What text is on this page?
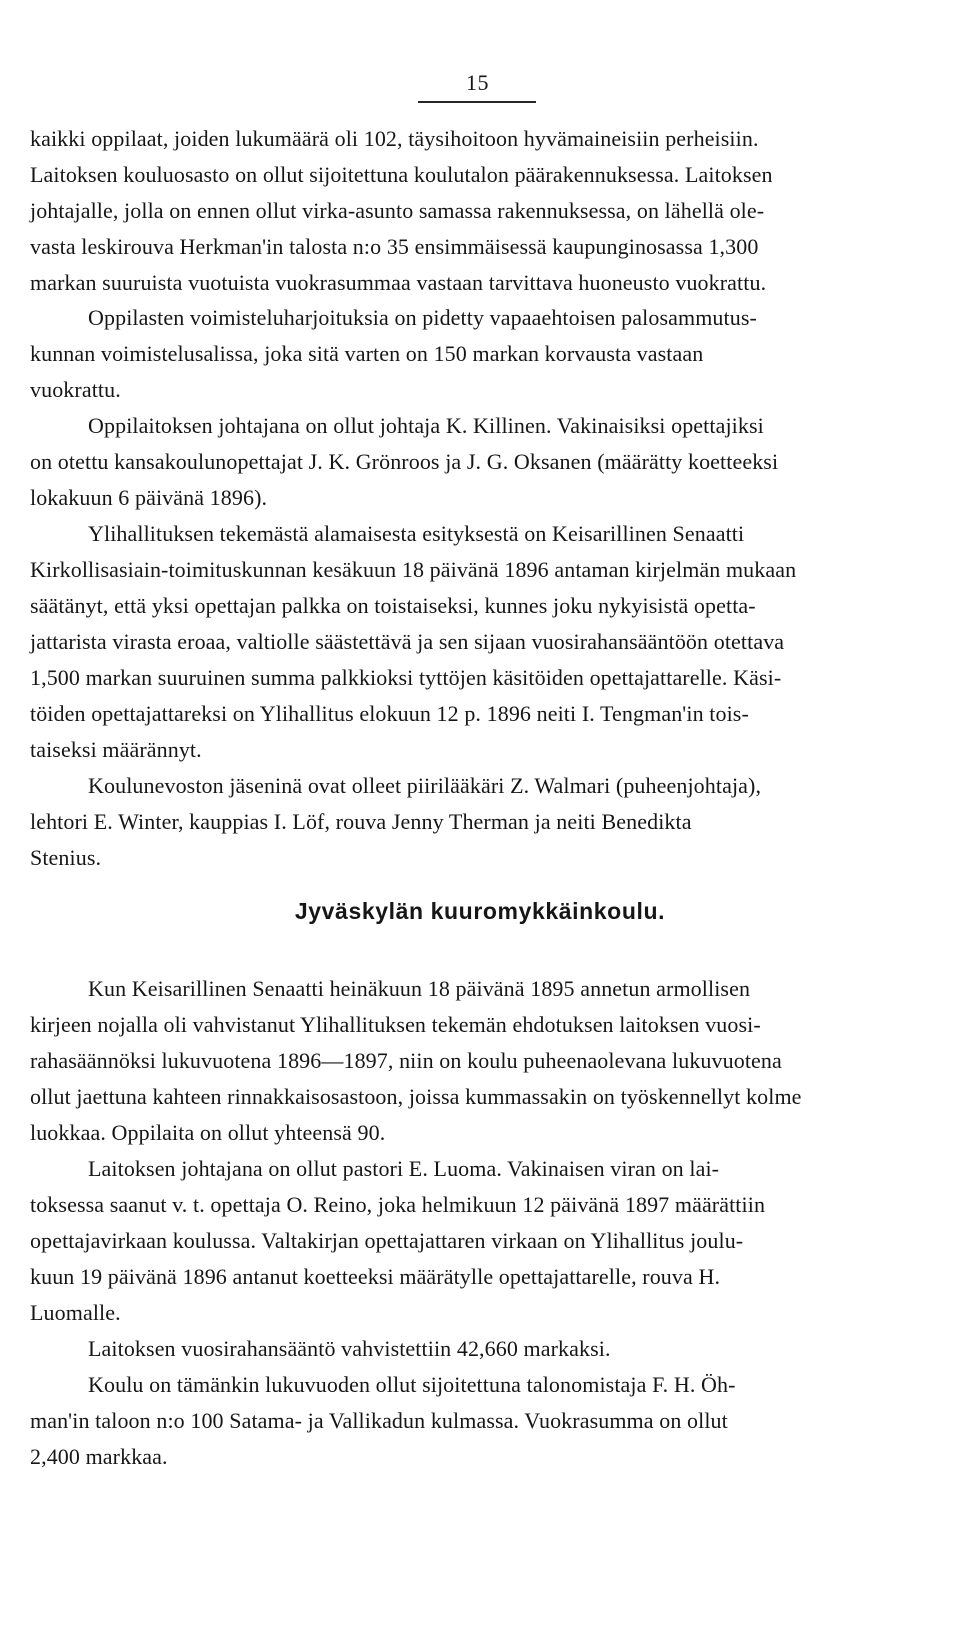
15
kaikki oppilaat, joiden lukumäärä oli 102, täysihoitoon hyvämaineisiin perheisiin.
Laitoksen kouluosasto on ollut sijoitettuna koulutalon päärakennuksessa. Laitoksen
johtajalle, jolla on ennen ollut virka-asunto samassa rakennuksessa, on lähellä ole-
vasta leskirouva Herkman'in talosta n:o 35 ensimmäisessä kaupunginosassa 1,300
markan suuruista vuotuista vuokrasummaa vastaan tarvittava huoneusto vuokrattu.
Oppilasten voimisteluharjoituksia on pidetty vapaaehtoisen palosammutus-
kunnan voimistelusalissa, joka sitä varten on 150 markan korvausta vastaan
vuokrattu.
Oppilaitoksen johtajana on ollut johtaja K. Killinen. Vakinaisiksi opettajiksi
on otettu kansakoulunopettajat J. K. Grönroos ja J. G. Oksanen (määrätty koetteeksi
lokakuun 6 päivänä 1896).
Ylihallituksen tekemästä alamaisesta esityksestä on Keisarillinen Senaatti
Kirkollisasiain-toimituskunnan kesäkuun 18 päivänä 1896 antaman kirjelmän mukaan
säätänyt, että yksi opettajan palkka on toistaiseksi, kunnes joku nykyisistä opetta-
jattarista virasta eroaa, valtiolle säästettävä ja sen sijaan vuosirahansääntöön otettava
1,500 markan suuruinen summa palkkioksi tyttöjen käsitöiden opettajattarelle. Käsi-
töiden opettajattareksi on Ylihallitus elokuun 12 p. 1896 neiti I. Tengman'in tois-
taiseksi määrännyt.
Koulunevoston jäseninä ovat olleet piirilääkäri Z. Walmari (puheenjohtaja),
lehtori E. Winter, kauppias I. Löf, rouva Jenny Therman ja neiti Benedikta
Stenius.
Jyväskylän kuuromykkäinkoulu.
Kun Keisarillinen Senaatti heinäkuun 18 päivänä 1895 annetun armollisen
kirjeen nojalla oli vahvistanut Ylihallituksen tekemän ehdotuksen laitoksen vuosi-
rahasäännöksi lukuvuotena 1896—1897, niin on koulu puheenaolevana lukuvuotena
ollut jaettuna kahteen rinnakkaisosastoon, joissa kummassakin on työskennellyt kolme
luokkaa. Oppilaita on ollut yhteensä 90.
Laitoksen johtajana on ollut pastori E. Luoma. Vakinaisen viran on lai-
toksessa saanut v. t. opettaja O. Reino, joka helmikuun 12 päivänä 1897 määrättiin
opettajavirkaan koulussa. Valtakirjan opettajattaren virkaan on Ylihallitus joulu-
kuun 19 päivänä 1896 antanut koetteeksi määrätylle opettajattarelle, rouva H.
Luomalle.
Laitoksen vuosirahansääntö vahvistettiin 42,660 markaksi.
Koulu on tämänkin lukuvuoden ollut sijoitettuna talonomistaja F. H. Öh-
man'in taloon n:o 100 Satama- ja Vallikadun kulmassa. Vuokrasumma on ollut
2,400 markkaa.
